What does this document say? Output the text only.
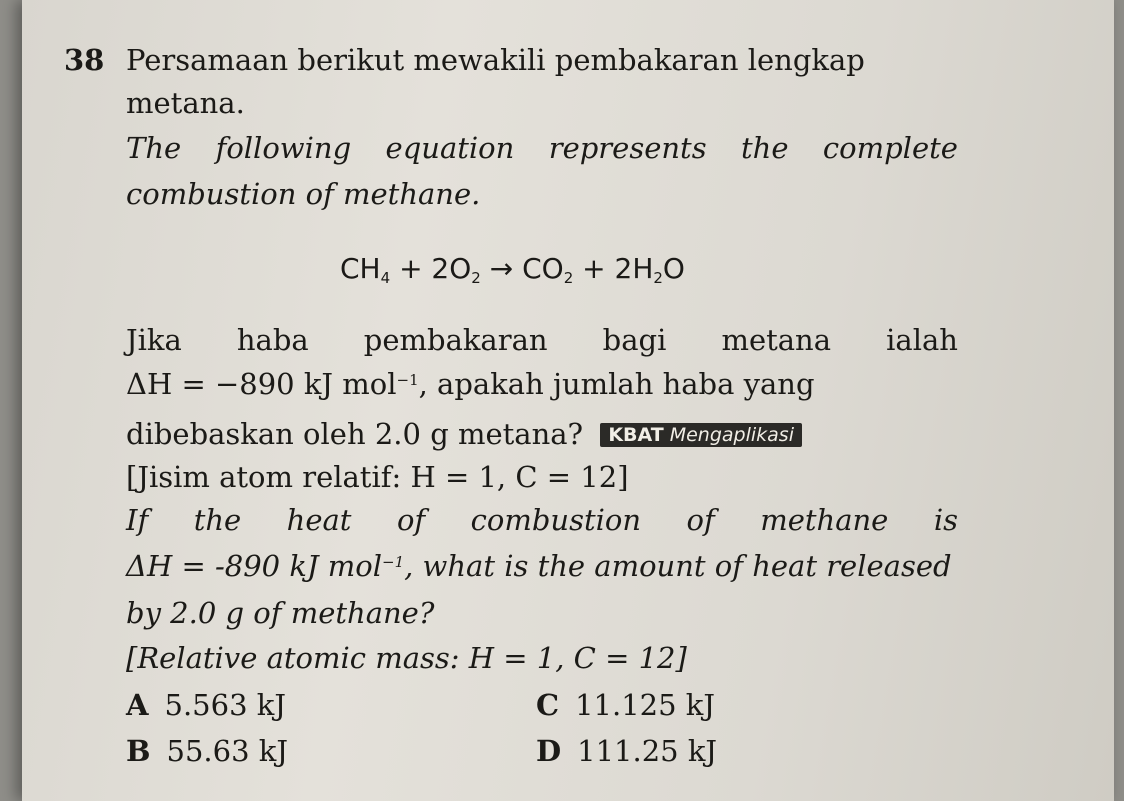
38 Persamaan berikut mewakili pembakaran lengkap
metana.
The following equation represents the complete
combustion of methane.
$CH_4 + 2O_2 \to CO_2 + 2H_2O$
Jika haba pembakaran bagi metana ialah
ΔH = −890 kJ mol$^{-1}$, apakah jumlah haba yang
dibebaskan oleh 2.0 g metana? KBAT Mengaplikasi
[Jisim atom relatif: H = 1, C = 12]
If the heat of combustion of methane is
ΔH = -890 kJ mol$^{-1}$, what is the amount of heat released
by 2.0 g of methane?
[Relative atomic mass: H = 1, C = 12]
A 5.563 kJ
B 55.63 kJ
C 11.125 kJ
D 111.25 kJ
